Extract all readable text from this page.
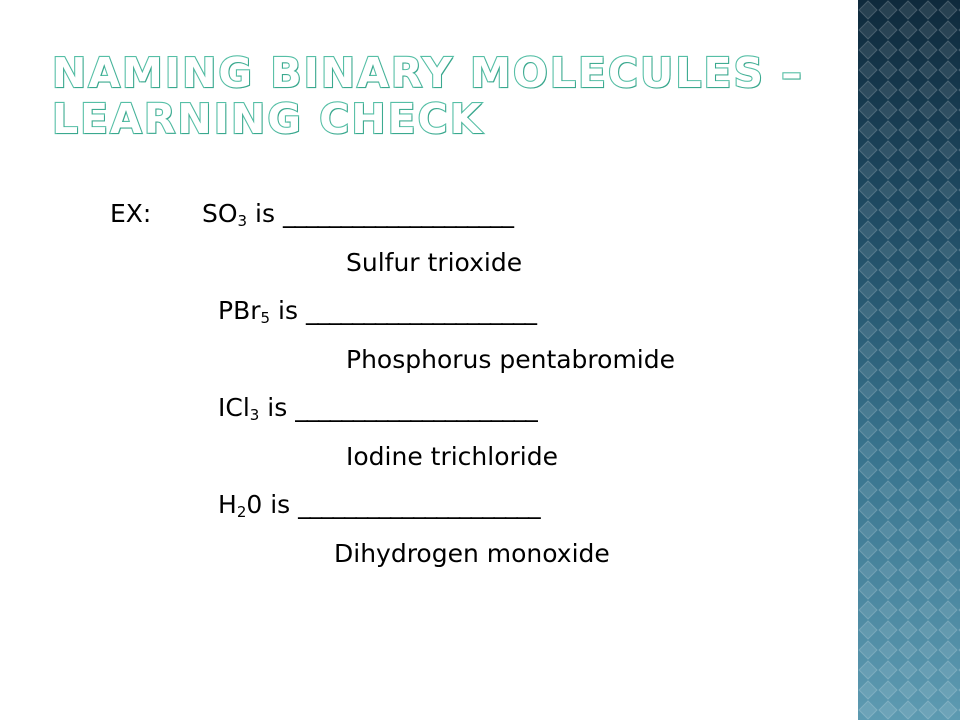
NAMING BINARY MOLECULES –
LEARNING CHECK

EX: $SO_3$ is ____________________

Sulfur trioxide

PBr$_5$ is ____________________

Phosphorus pentabromide

ICl$_3$ is _____________________

Iodine trichloride

$H_20$ is _____________________

Dihydrogen monoxide
